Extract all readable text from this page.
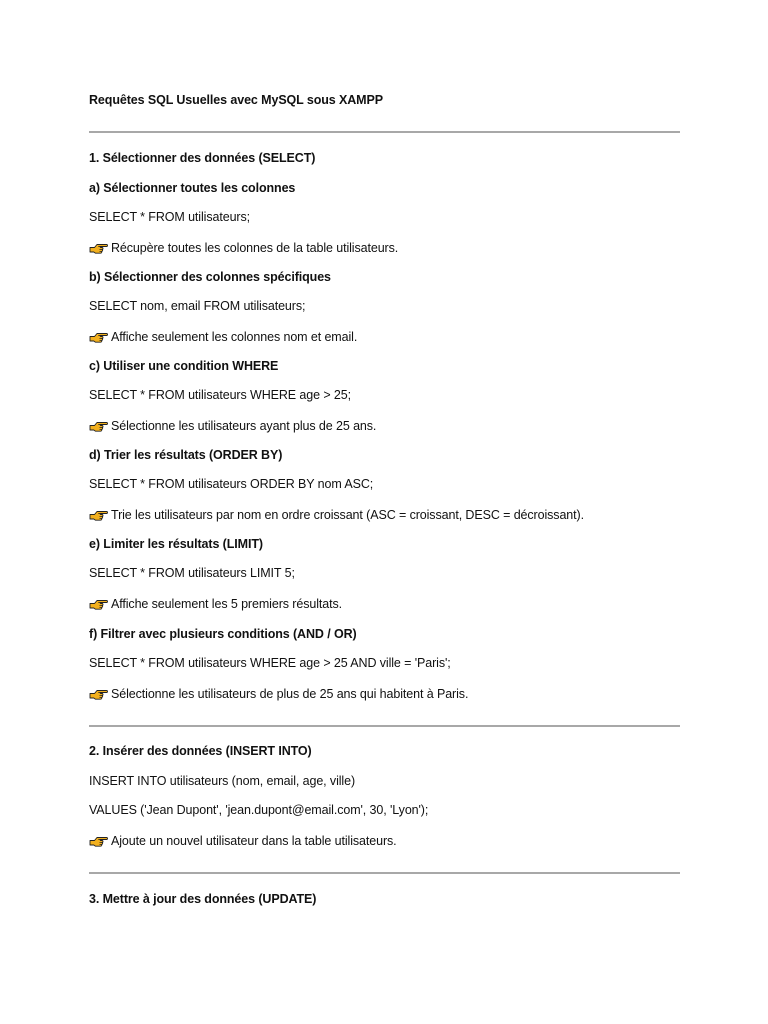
Requêtes SQL Usuelles avec MySQL sous XAMPP
1. Sélectionner des données (SELECT)
a) Sélectionner toutes les colonnes
SELECT * FROM utilisateurs;
Récupère toutes les colonnes de la table utilisateurs.
b) Sélectionner des colonnes spécifiques
SELECT nom, email FROM utilisateurs;
Affiche seulement les colonnes nom et email.
c) Utiliser une condition WHERE
SELECT * FROM utilisateurs WHERE age > 25;
Sélectionne les utilisateurs ayant plus de 25 ans.
d) Trier les résultats (ORDER BY)
SELECT * FROM utilisateurs ORDER BY nom ASC;
Trie les utilisateurs par nom en ordre croissant (ASC = croissant, DESC = décroissant).
e) Limiter les résultats (LIMIT)
SELECT * FROM utilisateurs LIMIT 5;
Affiche seulement les 5 premiers résultats.
f) Filtrer avec plusieurs conditions (AND / OR)
SELECT * FROM utilisateurs WHERE age > 25 AND ville = 'Paris';
Sélectionne les utilisateurs de plus de 25 ans qui habitent à Paris.
2. Insérer des données (INSERT INTO)
INSERT INTO utilisateurs (nom, email, age, ville)
VALUES ('Jean Dupont', 'jean.dupont@email.com', 30, 'Lyon');
Ajoute un nouvel utilisateur dans la table utilisateurs.
3. Mettre à jour des données (UPDATE)
